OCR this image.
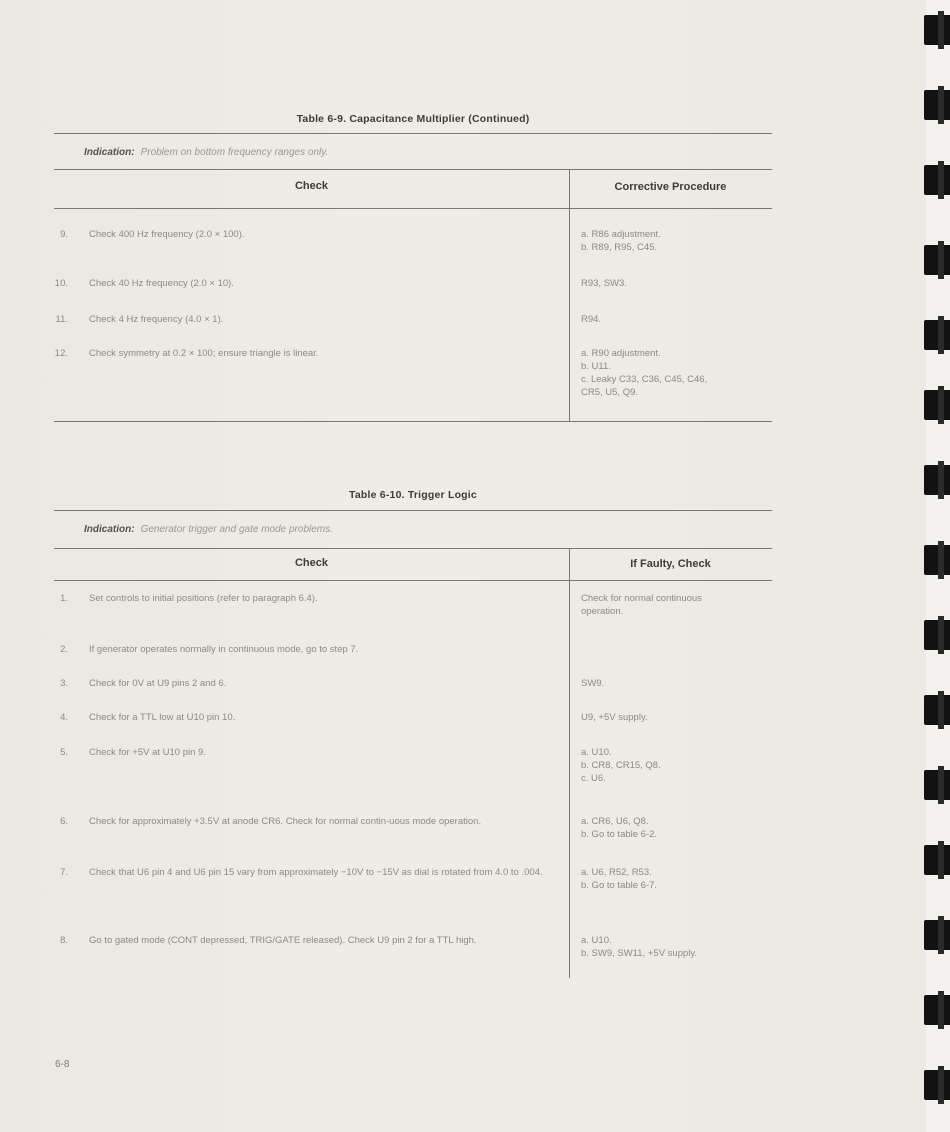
Table 6-9. Capacitance Multiplier (Continued)
Indication: Problem on bottom frequency ranges only.
Check	Corrective Procedure
9. Check 400 Hz frequency (2.0 × 100).	a. R86 adjustment.
b. R89, R95, C45.
10. Check 40 Hz frequency (2.0 × 10).	R93, SW3.
11. Check 4 Hz frequency (4.0 × 1).	R94.
12. Check symmetry at 0.2 × 100; ensure triangle is linear.	a. R90 adjustment.
b. U11.
c. Leaky C33, C36, C45, C46,
CR5, U5, Q9.
Table 6-10. Trigger Logic
Indication: Generator trigger and gate mode problems.
Check	If Faulty, Check
1. Set controls to initial positions (refer to paragraph 6.4).	Check for normal continuous
operation.
2. If generator operates normally in continuous mode, go to step 7.
3. Check for 0V at U9 pins 2 and 6.	SW9.
4. Check for a TTL low at U10 pin 10.	U9, +5V supply.
5. Check for +5V at U10 pin 9.	a. U10.
b. CR8, CR15, Q8.
c. U6.
6. Check for approximately +3.5V at anode CR6. Check for normal contin-uous mode operation.	a. CR6, U6, Q8.
b. Go to table 6-2.
7. Check that U6 pin 4 and U6 pin 15 vary from approximately −10V to −15V as dial is rotated from 4.0 to .004.	a. U6, R52, R53.
b. Go to table 6-7.
8. Go to gated mode (CONT depressed, TRIG/GATE released). Check U9 pin 2 for a TTL high.	a. U10.
b. SW9, SW11, +5V supply.
6-8
